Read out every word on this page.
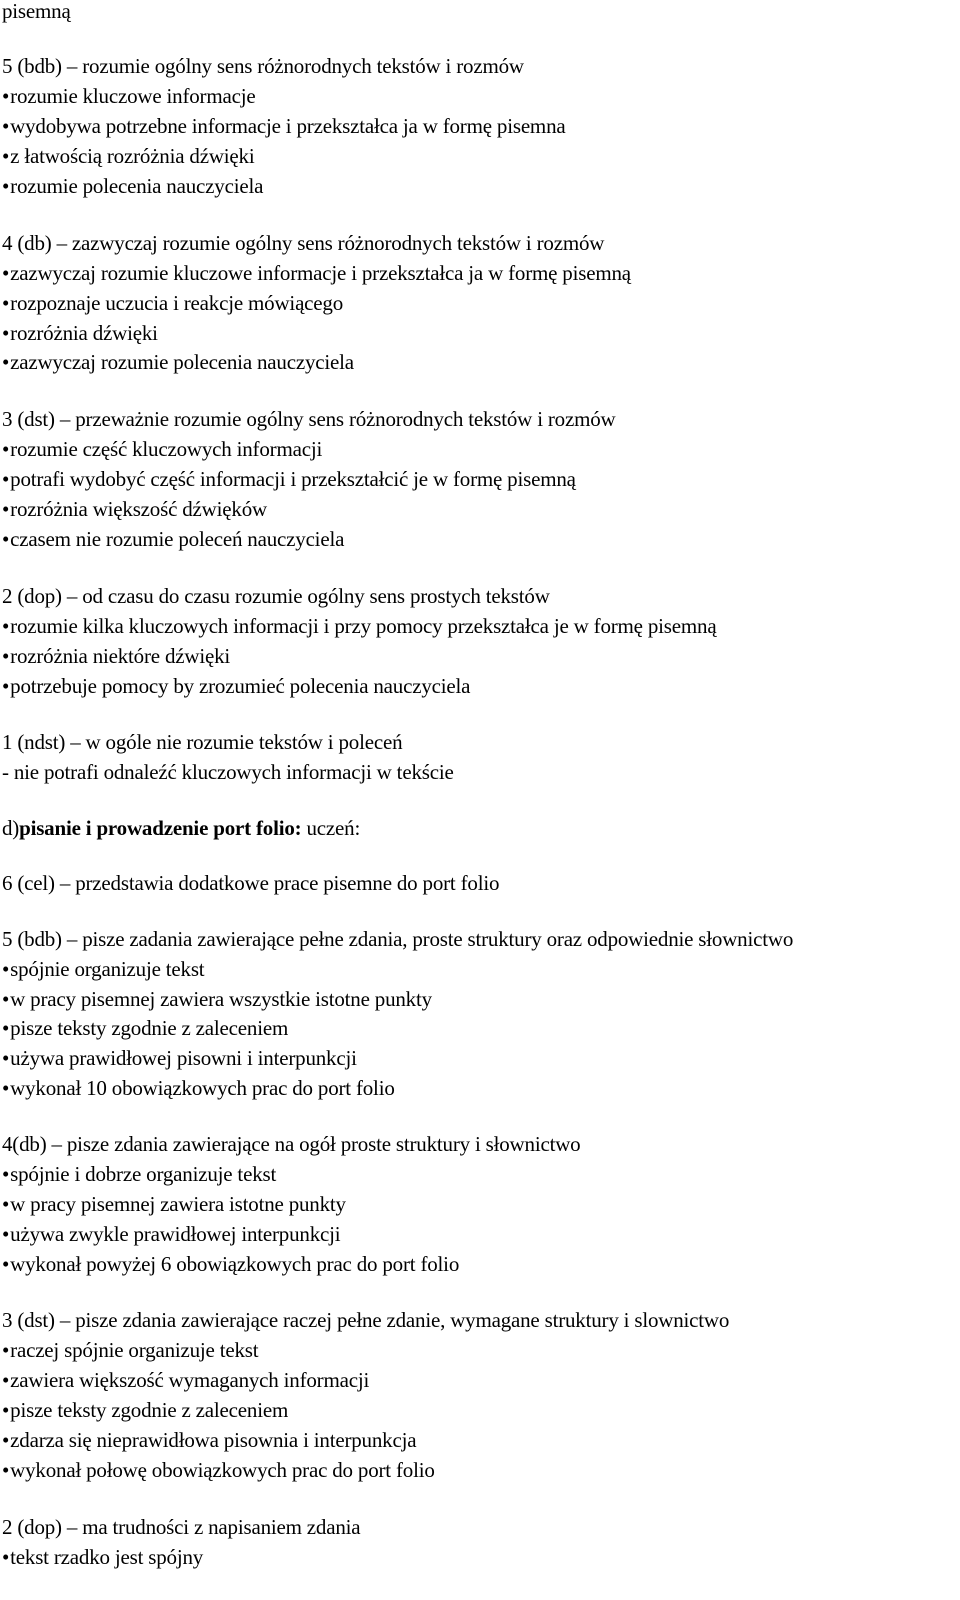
pisemną
5 (bdb) – rozumie ogólny sens różnorodnych tekstów i rozmów
•rozumie kluczowe informacje
•wydobywa potrzebne informacje i przekształca ja w formę pisemna
•z łatwością rozróżnia dźwięki
•rozumie polecenia nauczyciela
4 (db) – zazwyczaj rozumie ogólny sens różnorodnych tekstów i rozmów
•zazwyczaj rozumie kluczowe informacje i przekształca ja w formę pisemną
•rozpoznaje uczucia i reakcje mówiącego
•rozróżnia dźwięki
•zazwyczaj rozumie polecenia nauczyciela
3 (dst) – przeważnie rozumie ogólny sens różnorodnych tekstów i rozmów
•rozumie część kluczowych informacji
•potrafi wydobyć część informacji i przekształcić je w formę pisemną
•rozróżnia większość dźwięków
•czasem nie rozumie poleceń nauczyciela
2 (dop) – od czasu do czasu rozumie ogólny sens prostych tekstów
•rozumie kilka kluczowych informacji i przy pomocy przekształca je w formę pisemną
•rozróżnia niektóre dźwięki
•potrzebuje pomocy by zrozumieć polecenia nauczyciela
1 (ndst) – w ogóle nie rozumie tekstów i poleceń
- nie potrafi odnaleźć kluczowych informacji w tekście
d)pisanie i prowadzenie port folio: uczeń:
6 (cel) – przedstawia dodatkowe prace pisemne do port folio
5 (bdb) – pisze zadania zawierające pełne zdania, proste struktury oraz odpowiednie słownictwo
•spójnie organizuje tekst
•w pracy pisemnej zawiera wszystkie istotne punkty
•pisze teksty zgodnie z zaleceniem
•używa prawidłowej pisowni i interpunkcji
•wykonał 10 obowiązkowych prac do port folio
4(db) – pisze zdania zawierające na ogół proste struktury i słownictwo
•spójnie i dobrze organizuje tekst
•w pracy pisemnej zawiera istotne punkty
•używa zwykle prawidłowej interpunkcji
•wykonał powyżej 6 obowiązkowych prac do port folio
3 (dst) – pisze zdania zawierające raczej pełne zdanie, wymagane struktury i slownictwo
•raczej spójnie organizuje tekst
•zawiera większość wymaganych informacji
•pisze teksty zgodnie z zaleceniem
•zdarza się nieprawidłowa pisownia i interpunkcja
•wykonał połowę obowiązkowych prac do port folio
2 (dop) – ma trudności z napisaniem zdania
•tekst rzadko jest spójny
